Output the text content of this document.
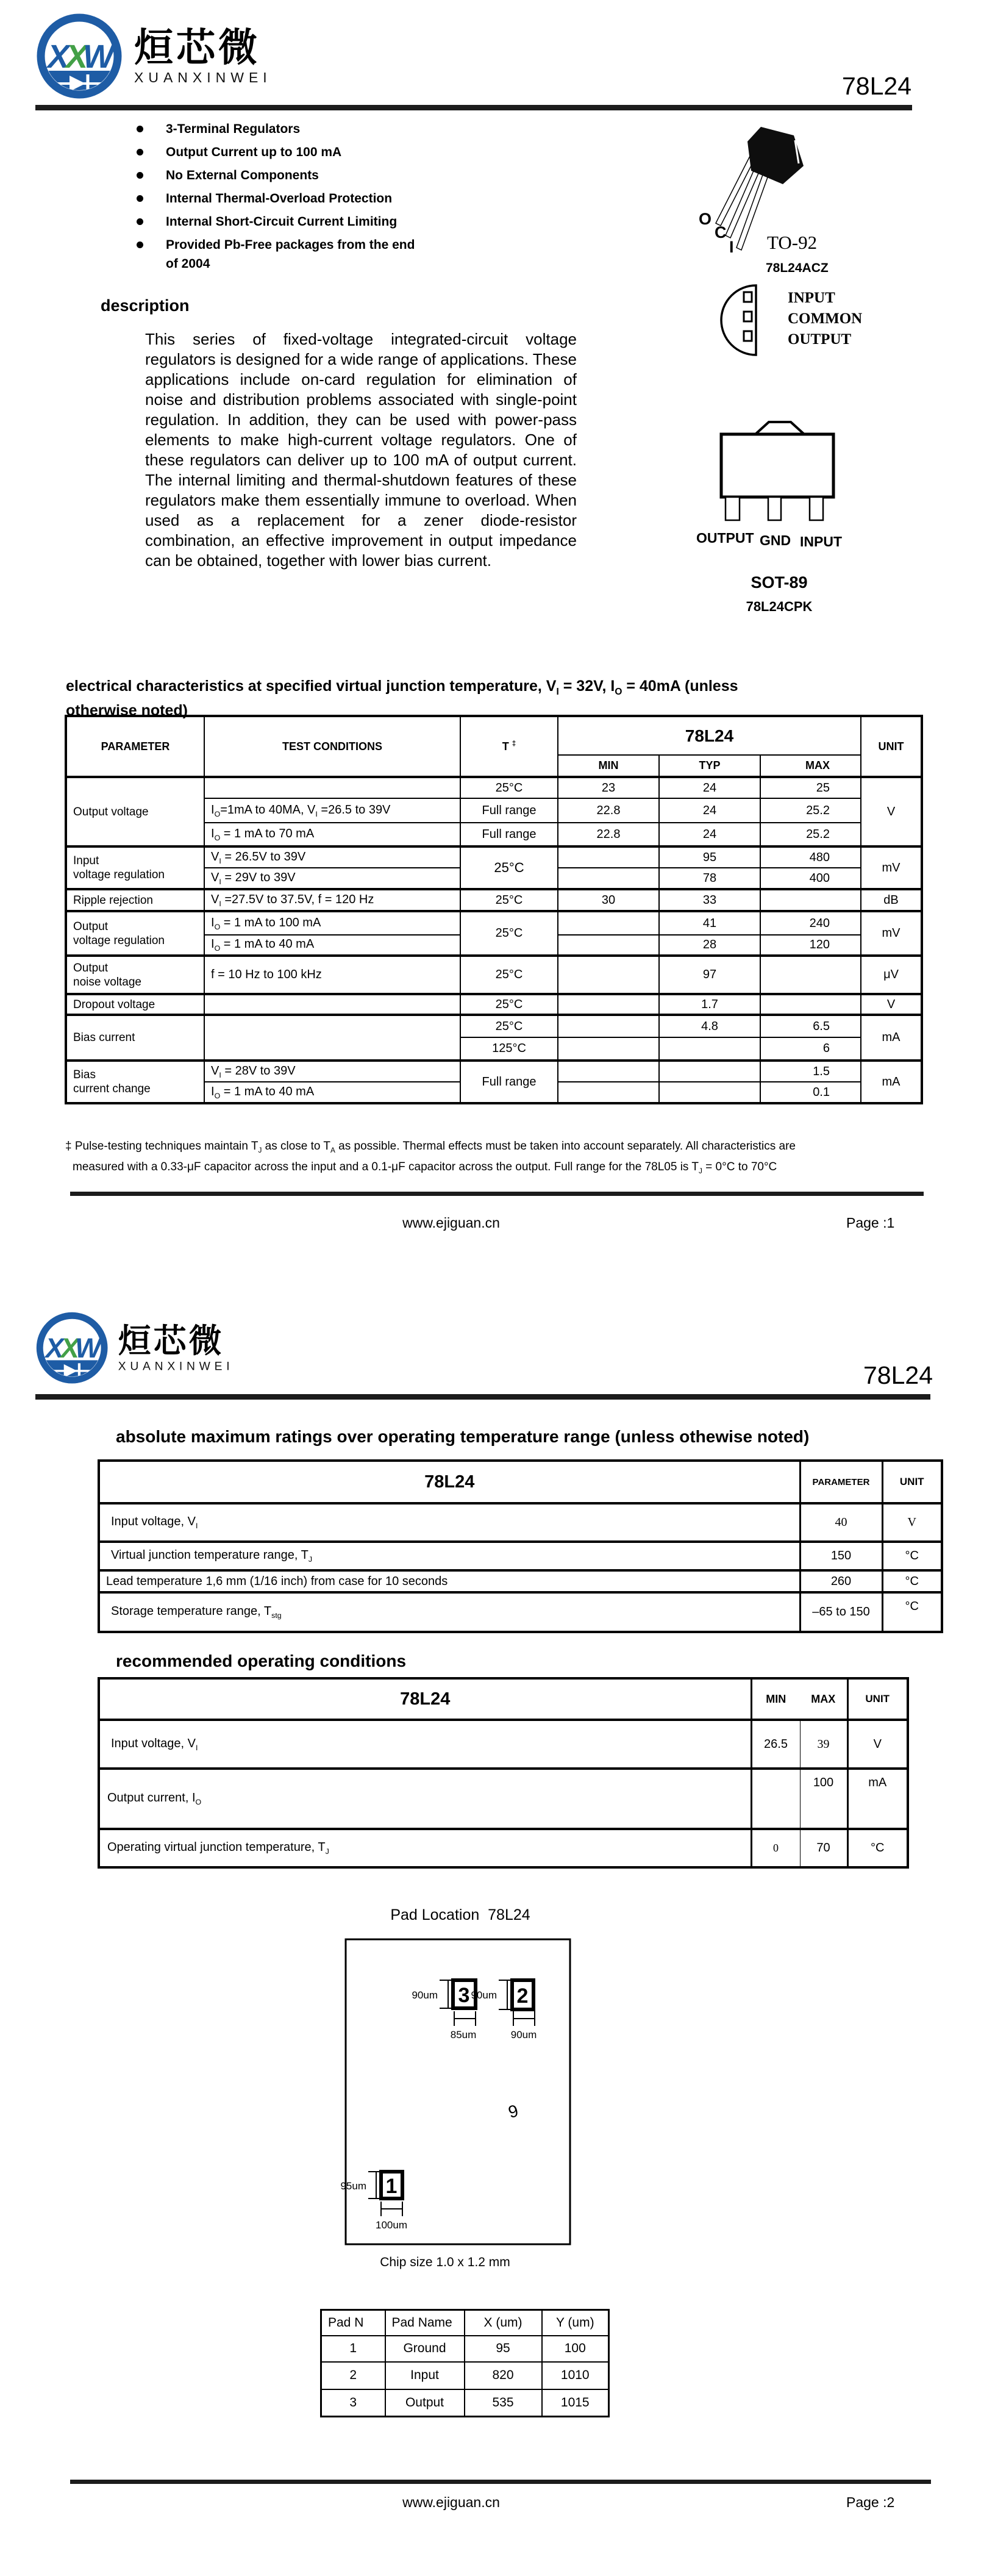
X
X
W 烜芯微
XUANXINWEI	78L24
3-Terminal Regulators
Output Current up to 100 mA
No External Components
Internal Thermal-Overload Protection
Internal Short-Circuit Current Limiting
Provided Pb-Free packages from the end
of 2004
O
C
I TO-92
78L24ACZ
INPUT
COMMON
OUTPUT
OUTPUT GND INPUT
SOT-89
78L24CPK
description
This series of fixed-voltage integrated-circuit voltage regulators is designed for a wide range of applications. These applications include on-card regulation for elimination of noise and distribution problems associated with single-point regulation. In addition, they can be used with power-pass elements to make high-current voltage regulators. One of these regulators can deliver up to 100 mA of output current. The internal limiting and thermal-shutdown features of these regulators make them essentially immune to overload. When used as a replacement for a zener diode-resistor combination, an effective improvement in output impedance can be obtained, together with lower bias current.
electrical characteristics at specified virtual junction temperature, $V_I = 32V$, $I_O = 40mA$ (unless
otherwise noted)
PARAMETER	TEST CONDITIONS	T ‡	78L24			UNIT
			MIN	TYP	MAX	

Output voltage		25°C	23	24	25	V
	$I_O=1mA$ to 40MA, $V_I =26.5$ to 39V	Full range	22.8	24	25.2	
	$I_O = 1$ mA to 70 mA	Full range	22.8	24	25.2	

Input
voltage regulation	$V_I = 26.5V$ to 39V	25°C		95	480	mV
	$V_I = 29V$ to 39V			78	400	

Ripple rejection	$V_I =27.5V$ to 37.5V, f = 120 Hz	25°C	30	33		dB

Output
voltage regulation	$I_O = 1$ mA to 100 mA	25°C		41	240	mV
	$I_O = 1$ mA to 40 mA			28	120	

Output
noise voltage	f = 10 Hz to 100 kHz	25°C		97		μV

Dropout voltage		25°C		1.7		V

Bias current		25°C		4.8	6.5	mA
		125°C			6	

Bias
current change	$V_I = 28V$ to 39V	Full range			1.5	mA
	$I_O = 1$ mA to 40 mA				0.1	
‡ Pulse-testing techniques maintain $T_J$ as close to $T_A$ as possible. Thermal effects must be taken into account separately. All characteristics are
measured with a 0.33-μF capacitor across the input and a 0.1-μF capacitor across the output. Full range for the 78L05 is $T_J = 0^\circ C$ to 70°C
www.ejiguan.cn	Page :1
X
X
W 烜芯微
XUANXINWEI	78L24
absolute maximum ratings over operating temperature range (unless othewise noted)
78L24	PARAMETER	UNIT
Input voltage, $V_I$	40	V
Virtual junction temperature range, $T_J$	150	°C
Lead temperature 1,6 mm (1/16 inch) from case for 10 seconds	260	°C
Storage temperature range, $T_{stg}$	–65 to 150	°C
recommended operating conditions
78L24	MIN	MAX	UNIT
Input voltage, $V_I$	26.5	39	V
Output current, $I_O$		100	mA
Operating virtual junction temperature, $T_J$	0	70	°C
Pad Location  78L24
3
90um
85um
2
90um
90um
9
1
95um
100um
Chip size 1.0 x 1.2 mm
Pad N	Pad Name	X (um)	Y (um)
1	Ground	95	100
2	Input	820	1010
3	Output	535	1015
www.ejiguan.cn	Page :2
